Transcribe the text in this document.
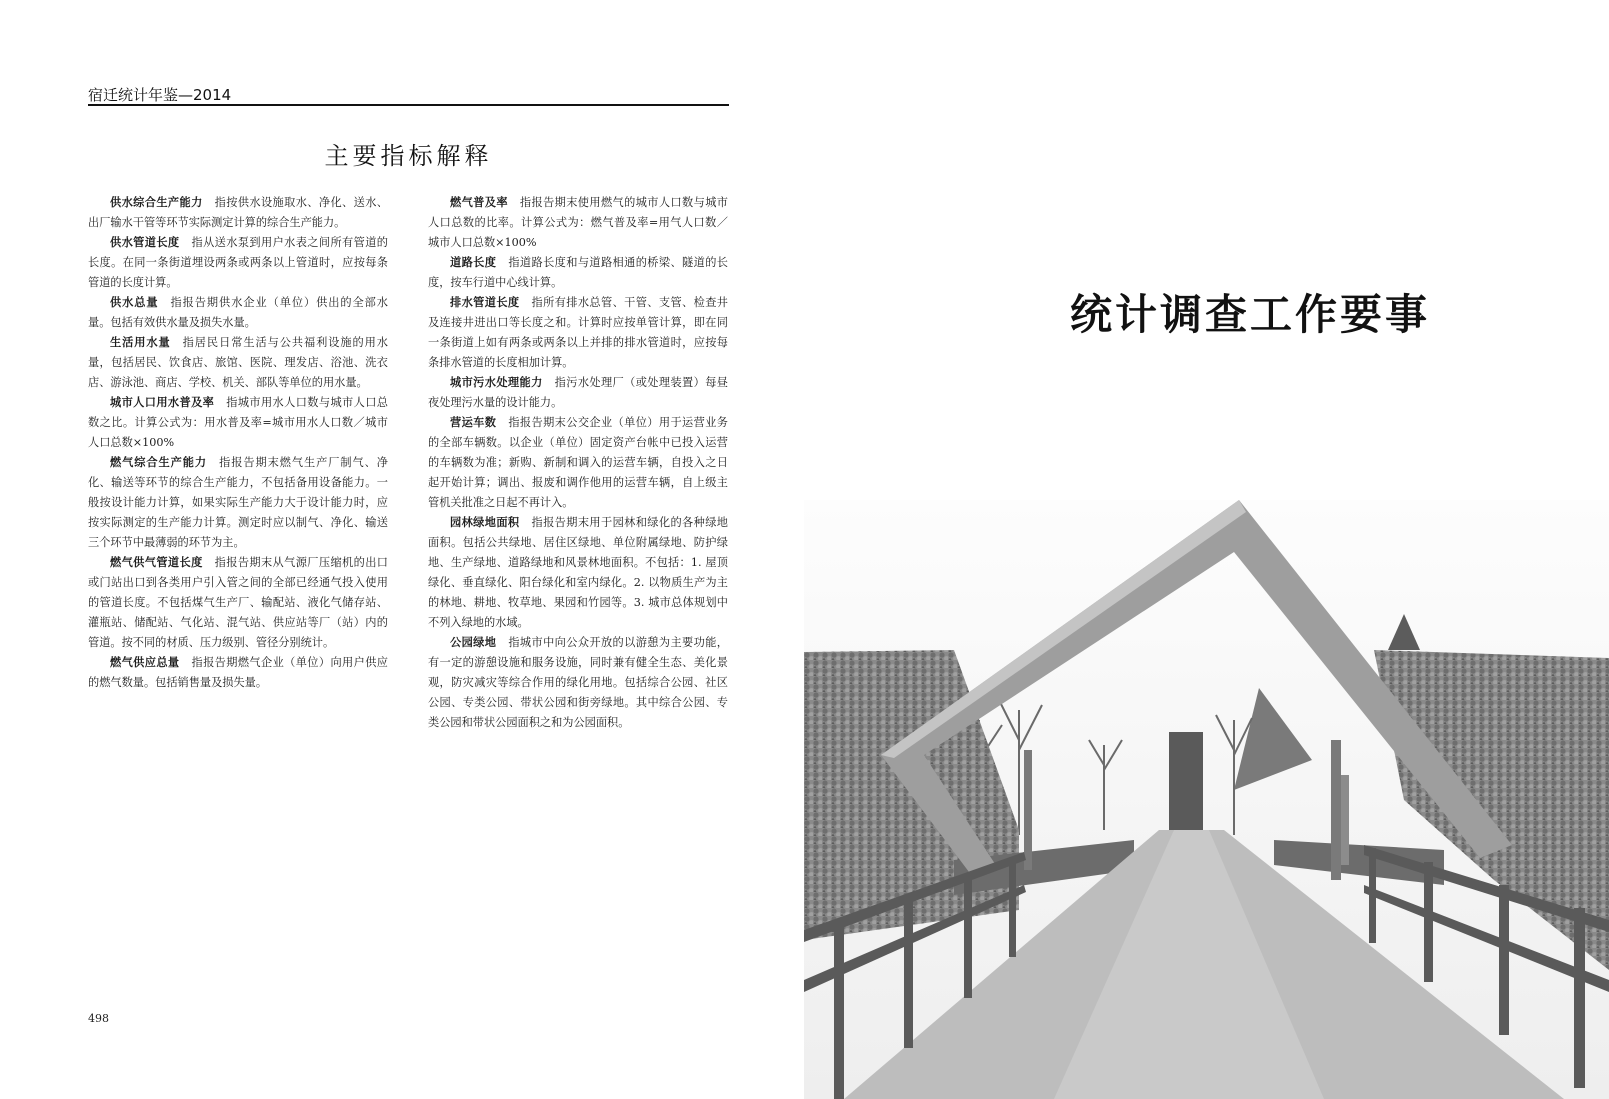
宿迁统计年鉴—2014
主要指标解释

供水综合生产能力 指按供水设施取水、净化、送水、出厂输水干管等环节实际测定计算的综合生产能力。

供水管道长度 指从送水泵到用户水表之间所有管道的长度。在同一条街道埋设两条或两条以上管道时，应按每条管道的长度计算。

供水总量 指报告期供水企业（单位）供出的全部水量。包括有效供水量及损失水量。

生活用水量 指居民日常生活与公共福利设施的用水量，包括居民、饮食店、旅馆、医院、理发店、浴池、洗衣店、游泳池、商店、学校、机关、部队等单位的用水量。

城市人口用水普及率 指城市用水人口数与城市人口总数之比。计算公式为：用水普及率=城市用水人口数／城市人口总数×100%

燃气综合生产能力 指报告期末燃气生产厂制气、净化、输送等环节的综合生产能力，不包括备用设备能力。一般按设计能力计算，如果实际生产能力大于设计能力时，应按实际测定的生产能力计算。测定时应以制气、净化、输送三个环节中最薄弱的环节为主。

燃气供气管道长度 指报告期末从气源厂压缩机的出口或门站出口到各类用户引入管之间的全部已经通气投入使用的管道长度。不包括煤气生产厂、输配站、液化气储存站、灌瓶站、储配站、气化站、混气站、供应站等厂（站）内的管道。按不同的材质、压力级别、管径分别统计。

燃气供应总量 指报告期燃气企业（单位）向用户供应的燃气数量。包括销售量及损失量。

燃气普及率 指报告期末使用燃气的城市人口数与城市人口总数的比率。计算公式为：燃气普及率=用气人口数／城市人口总数×100%

道路长度 指道路长度和与道路相通的桥梁、隧道的长度，按车行道中心线计算。

排水管道长度 指所有排水总管、干管、支管、检查井及连接井进出口等长度之和。计算时应按单管计算，即在同一条街道上如有两条或两条以上并排的排水管道时，应按每条排水管道的长度相加计算。

城市污水处理能力 指污水处理厂（或处理装置）每昼夜处理污水量的设计能力。

营运车数 指报告期末公交企业（单位）用于运营业务的全部车辆数。以企业（单位）固定资产台帐中已投入运营的车辆数为准；新购、新制和调入的运营车辆，自投入之日起开始计算；调出、报废和调作他用的运营车辆，自上级主管机关批准之日起不再计入。

园林绿地面积 指报告期末用于园林和绿化的各种绿地面积。包括公共绿地、居住区绿地、单位附属绿地、防护绿地、生产绿地、道路绿地和风景林地面积。不包括：1. 屋顶绿化、垂直绿化、阳台绿化和室内绿化。2. 以物质生产为主的林地、耕地、牧草地、果园和竹园等。3. 城市总体规划中不列入绿地的水域。

公园绿地 指城市中向公众开放的以游憩为主要功能，有一定的游憩设施和服务设施，同时兼有健全生态、美化景观，防灾减灾等综合作用的绿化用地。包括综合公园、社区公园、专类公园、带状公园和街旁绿地。其中综合公园、专类公园和带状公园面积之和为公园面积。

498
统计调查工作要事
